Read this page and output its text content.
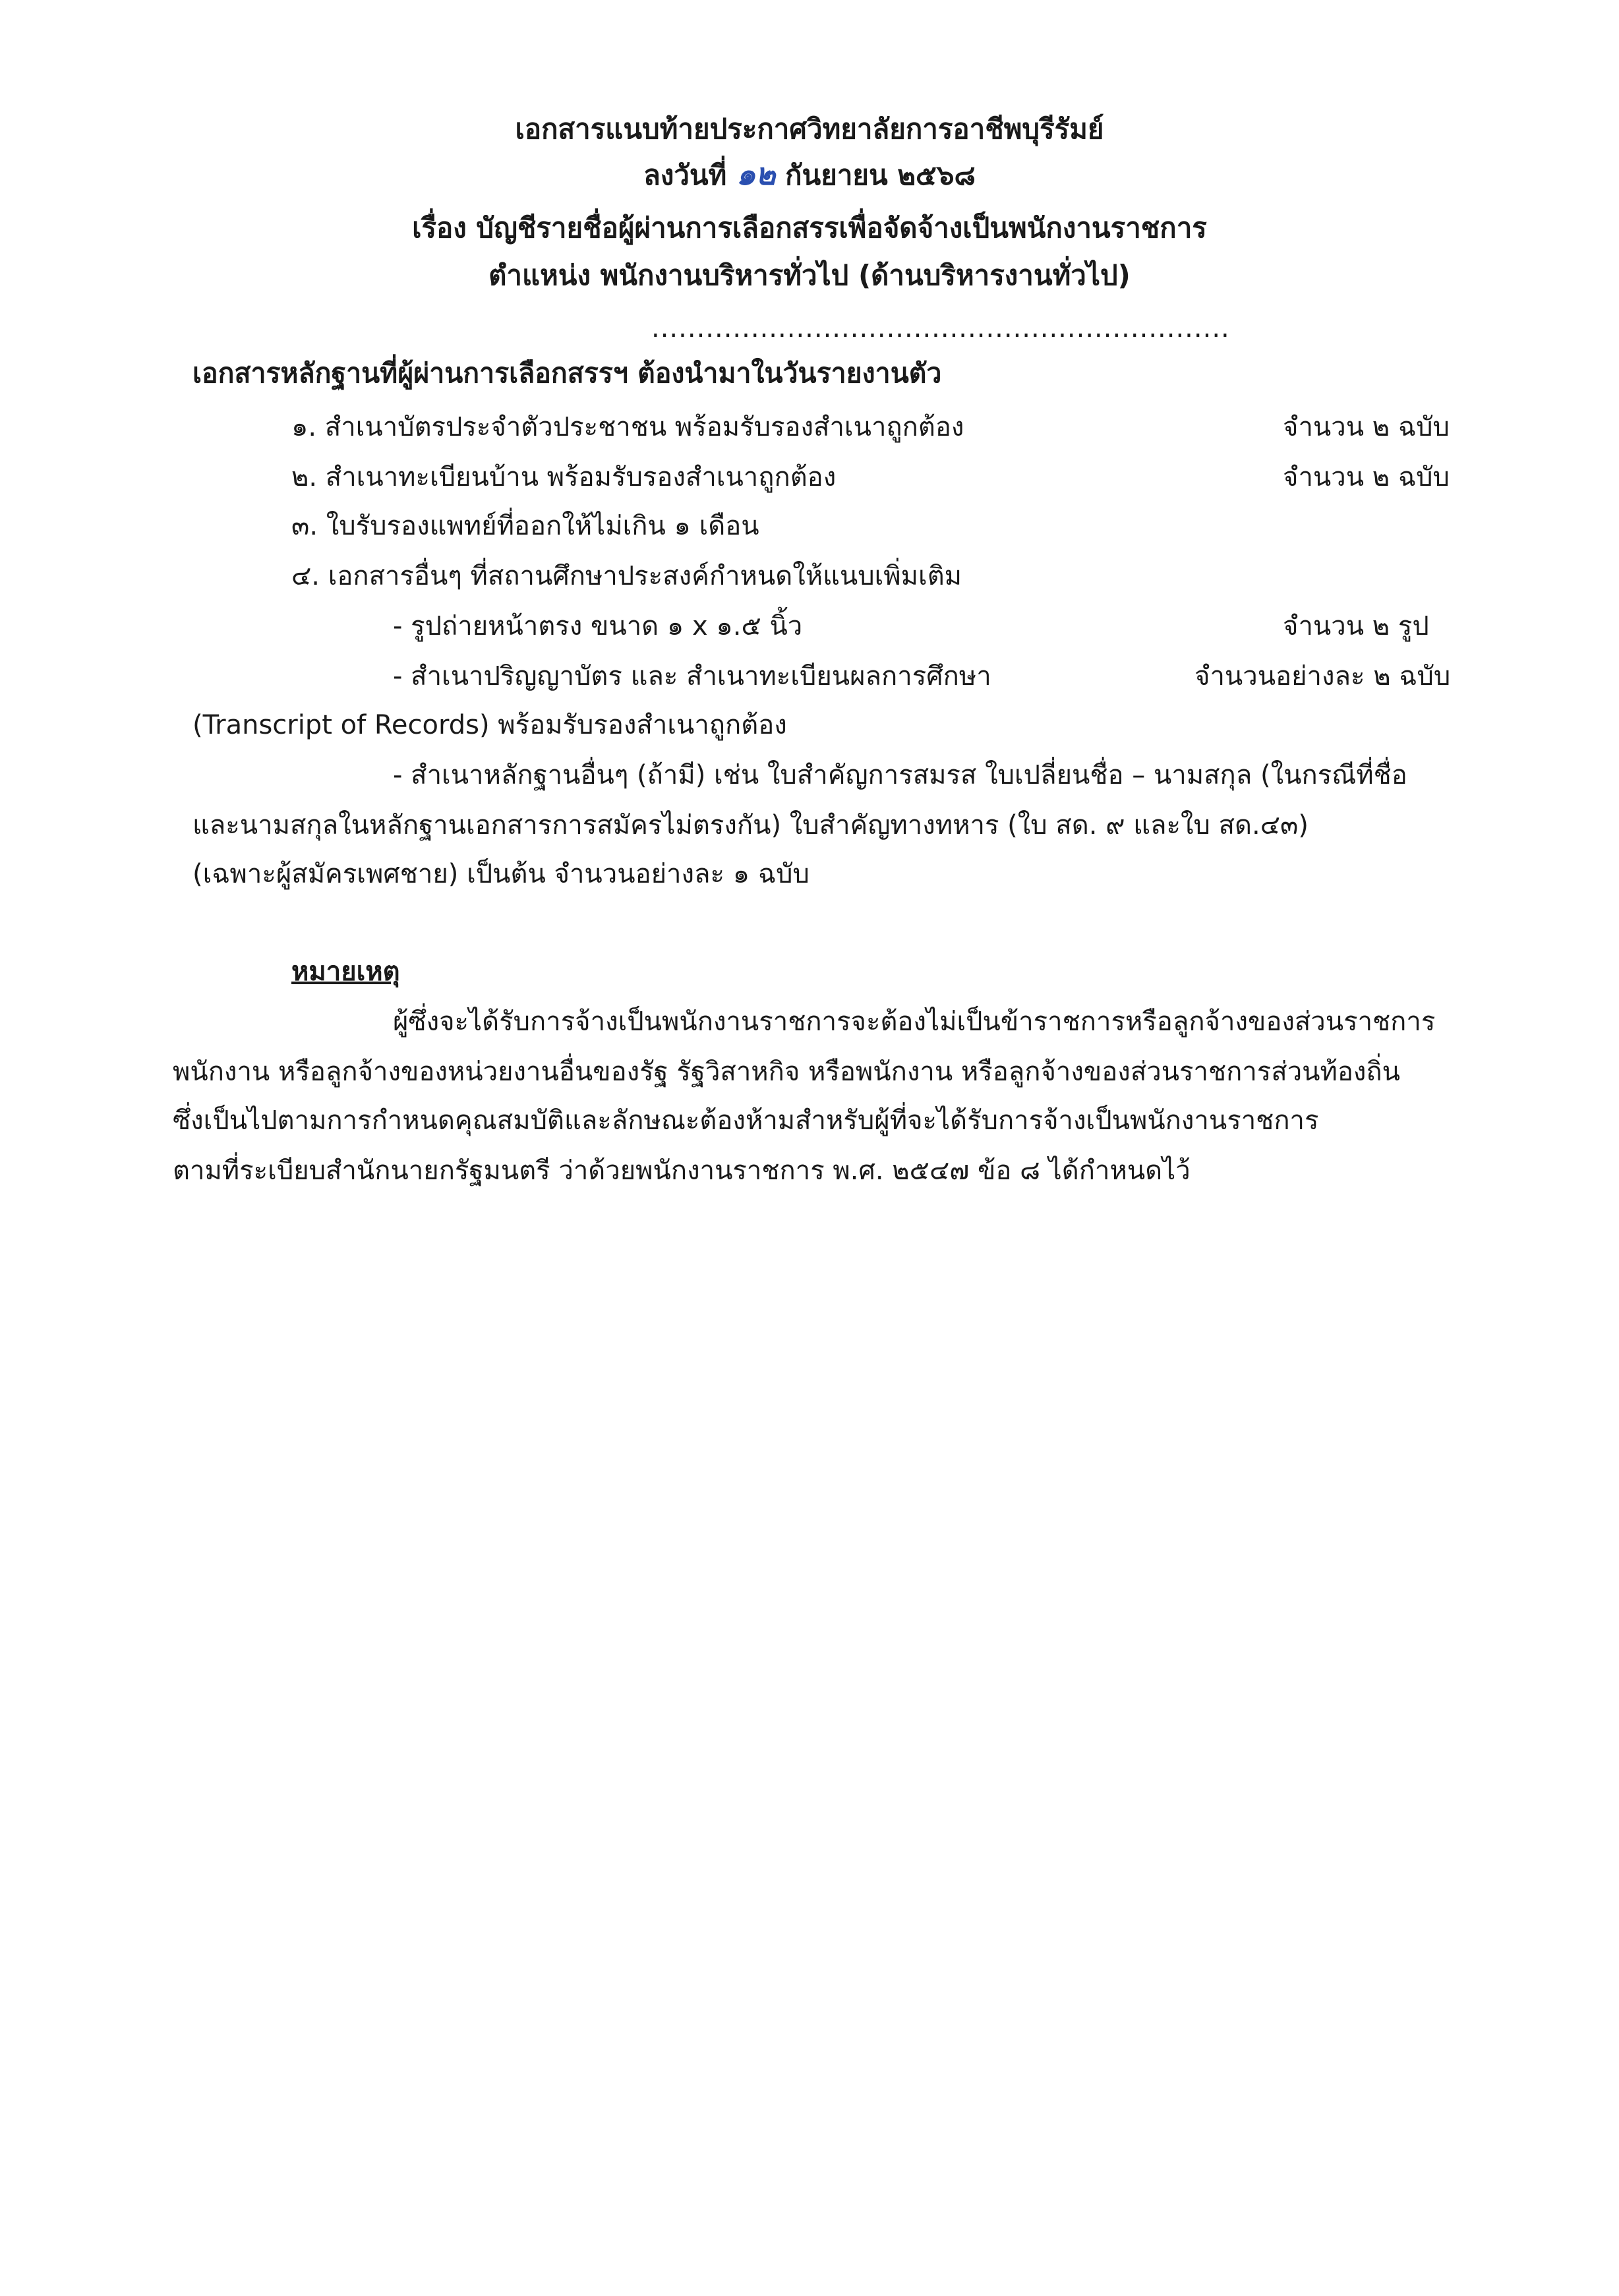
เอกสารแนบท้ายประกาศวิทยาลัยการอาชีพบุรีรัมย์
ลงวันที่ ๑๒ กันยายน ๒๕๖๘
เรื่อง บัญชีรายชื่อผู้ผ่านการเลือกสรรเพื่อจัดจ้างเป็นพนักงานราชการ
ตำแหน่ง พนักงานบริหารทั่วไป (ด้านบริหารงานทั่วไป)
................................................................
เอกสารหลักฐานที่ผู้ผ่านการเลือกสรรฯ ต้องนำมาในวันรายงานตัว
๑. สำเนาบัตรประจำตัวประชาชน พร้อมรับรองสำเนาถูกต้อง	จำนวน ๒ ฉบับ
๒. สำเนาทะเบียนบ้าน พร้อมรับรองสำเนาถูกต้อง	จำนวน ๒ ฉบับ
๓. ใบรับรองแพทย์ที่ออกให้ไม่เกิน ๑ เดือน
๔. เอกสารอื่นๆ ที่สถานศึกษาประสงค์กำหนดให้แนบเพิ่มเติม
- รูปถ่ายหน้าตรง ขนาด ๑ x ๑.๕ นิ้ว	จำนวน ๒ รูป
- สำเนาปริญญาบัตร และ สำเนาทะเบียนผลการศึกษา	จำนวนอย่างละ ๒ ฉบับ
(Transcript of Records) พร้อมรับรองสำเนาถูกต้อง
- สำเนาหลักฐานอื่นๆ (ถ้ามี) เช่น ใบสำคัญการสมรส ใบเปลี่ยนชื่อ – นามสกุล (ในกรณีที่ชื่อ
และนามสกุลในหลักฐานเอกสารการสมัครไม่ตรงกัน) ใบสำคัญทางทหาร (ใบ สด. ๙ และใบ สด.๔๓)
(เฉพาะผู้สมัครเพศชาย) เป็นต้น จำนวนอย่างละ ๑ ฉบับ
หมายเหตุ
ผู้ซึ่งจะได้รับการจ้างเป็นพนักงานราชการจะต้องไม่เป็นข้าราชการหรือลูกจ้างของส่วนราชการ
พนักงาน หรือลูกจ้างของหน่วยงานอื่นของรัฐ รัฐวิสาหกิจ หรือพนักงาน หรือลูกจ้างของส่วนราชการส่วนท้องถิ่น
ซึ่งเป็นไปตามการกำหนดคุณสมบัติและลักษณะต้องห้ามสำหรับผู้ที่จะได้รับการจ้างเป็นพนักงานราชการ
ตามที่ระเบียบสำนักนายกรัฐมนตรี ว่าด้วยพนักงานราชการ พ.ศ. ๒๕๔๗ ข้อ ๘ ได้กำหนดไว้
